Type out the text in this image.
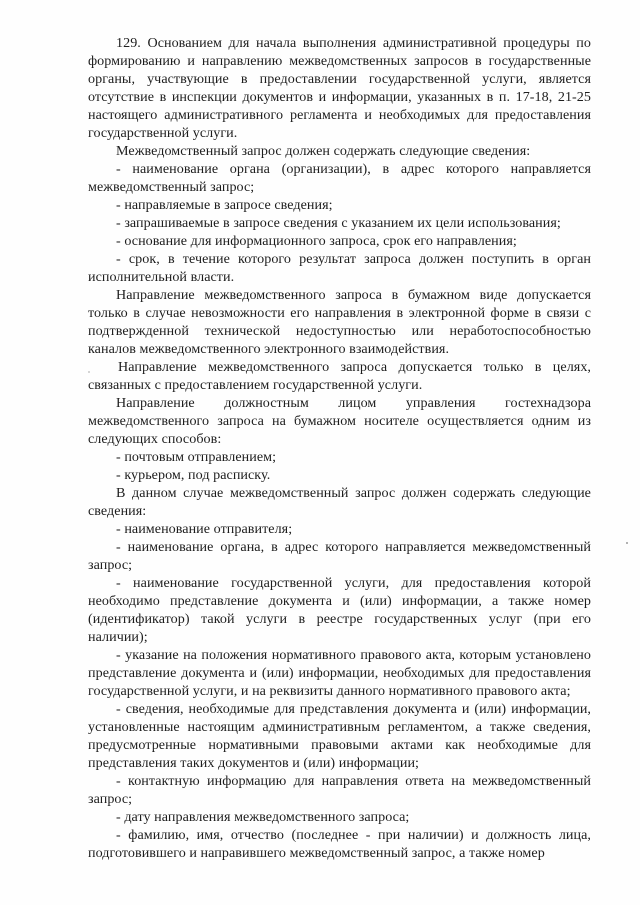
129. Основанием для начала выполнения административной процедуры по формированию и направлению межведомственных запросов в государственные органы, участвующие в предоставлении государственной услуги, является отсутствие в инспекции документов и информации, указанных в п. 17-18, 21-25 настоящего административного регламента и необходимых для предоставления государственной услуги.

Межведомственный запрос должен содержать следующие сведения:

- наименование органа (организации), в адрес которого направляется межведомственный запрос;

- направляемые в запросе сведения;

- запрашиваемые в запросе сведения с указанием их цели использования;

- основание для информационного запроса, срок его направления;

- срок, в течение которого результат запроса должен поступить в орган исполнительной власти.

Направление межведомственного запроса в бумажном виде допускается только в случае невозможности его направления в электронной форме в связи с подтвержденной технической недоступностью или неработоспособностью каналов межведомственного электронного взаимодействия.

Направление межведомственного запроса допускается только в целях, связанных с предоставлением государственной услуги.

Направление должностным лицом управления гостехнадзора межведомственного запроса на бумажном носителе осуществляется одним из следующих способов:

- почтовым отправлением;

- курьером, под расписку.

В данном случае межведомственный запрос должен содержать следующие сведения:

- наименование отправителя;

- наименование органа, в адрес которого направляется межведомственный запрос;

- наименование государственной услуги, для предоставления которой необходимо представление документа и (или) информации, а также номер (идентификатор) такой услуги в реестре государственных услуг (при его наличии);

- указание на положения нормативного правового акта, которым установлено представление документа и (или) информации, необходимых для предоставления государственной услуги, и на реквизиты данного нормативного правового акта;

- сведения, необходимые для представления документа и (или) информации, установленные настоящим административным регламентом, а также сведения, предусмотренные нормативными правовыми актами как необходимые для представления таких документов и (или) информации;

- контактную информацию для направления ответа на межведомственный запрос;

- дату направления межведомственного запроса;

- фамилию, имя, отчество (последнее - при наличии) и должность лица, подготовившего и направившего межведомственный запрос, а также номер
